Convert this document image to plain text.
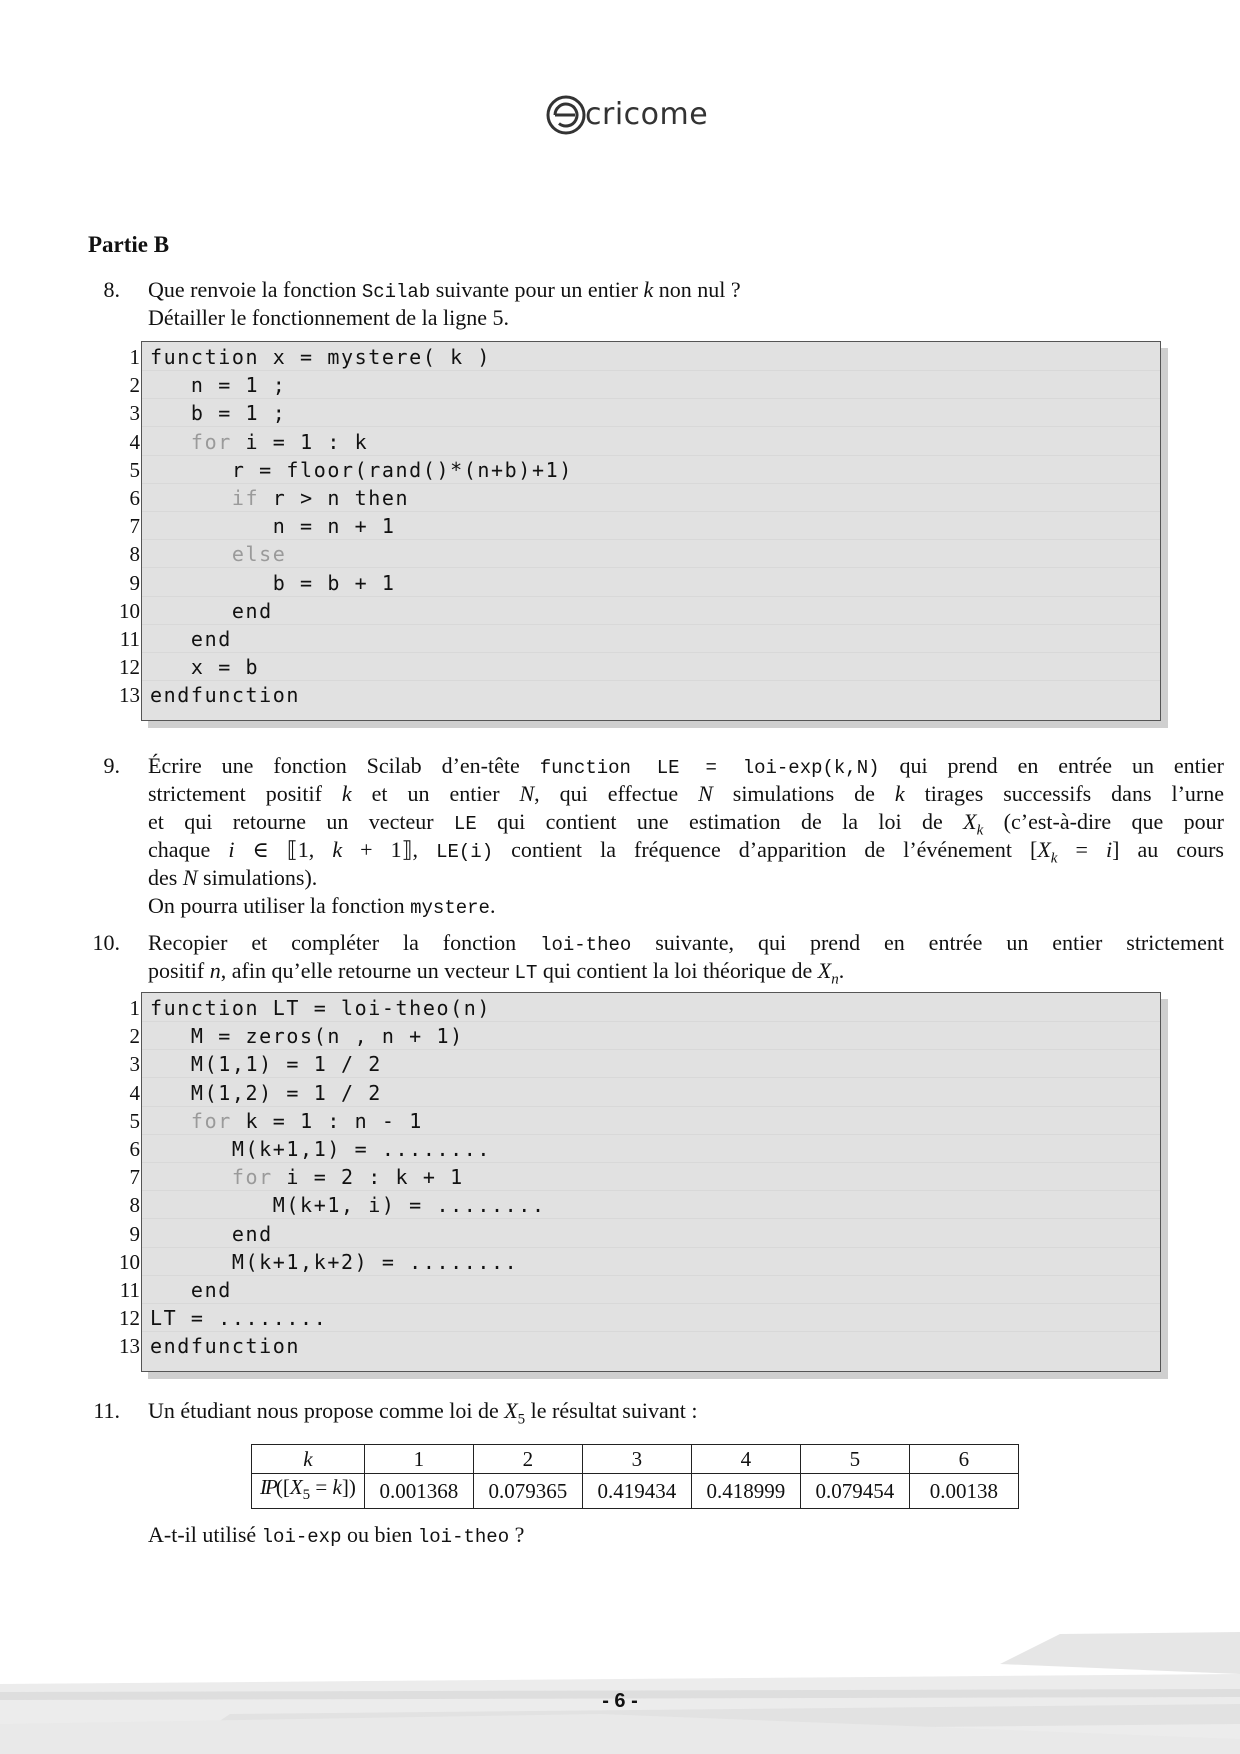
cricome
Partie B
8. Que renvoie la fonction Scilab suivante pour un entier k non nul ?
Détailler le fonctionnement de la ligne 5.
1
2
3
4
5
6
7
8
9
10
11
12
13
function x = mystere( k )
n = 1 ;
b = 1 ;
for i = 1 : k
r = floor(rand()*(n+b)+1)
if r > n then
n = n + 1
else
b = b + 1
end
end
x = b
endfunction
9. Écrire une fonction Scilab d’en-tête function LE = loi-exp(k,N) qui prend en entrée un entier
strictement positif k et un entier N, qui effectue N simulations de k tirages successifs dans l’urne
et qui retourne un vecteur LE qui contient une estimation de la loi de $X_k$ (c’est-à-dire que pour
chaque i ∈ ⟦1, k + 1⟧, LE(i) contient la fréquence d’apparition de l’événement $[X_k = i]$ au cours
des N simulations).
On pourra utiliser la fonction mystere.
10. Recopier et compléter la fonction loi-theo suivante, qui prend en entrée un entier strictement
positif n, afin qu’elle retourne un vecteur LT qui contient la loi théorique de $X_n$.
1
2
3
4
5
6
7
8
9
10
11
12
13
function LT = loi-theo(n)
M = zeros(n , n + 1)
M(1,1) = 1 / 2
M(1,2) = 1 / 2
for k = 1 : n - 1
M(k+1,1) = ........
for i = 2 : k + 1
M(k+1, i) = ........
end
M(k+1,k+2) = ........
end
LT = ........
endfunction
11. Un étudiant nous propose comme loi de $X_5$ le résultat suivant :
k	1	2	3	4	5	6
$IP([X_5 = k])$	0.001368	0.079365	0.419434	0.418999	0.079454	0.00138
A-t-il utilisé loi-exp ou bien loi-theo ?
- 6 -
